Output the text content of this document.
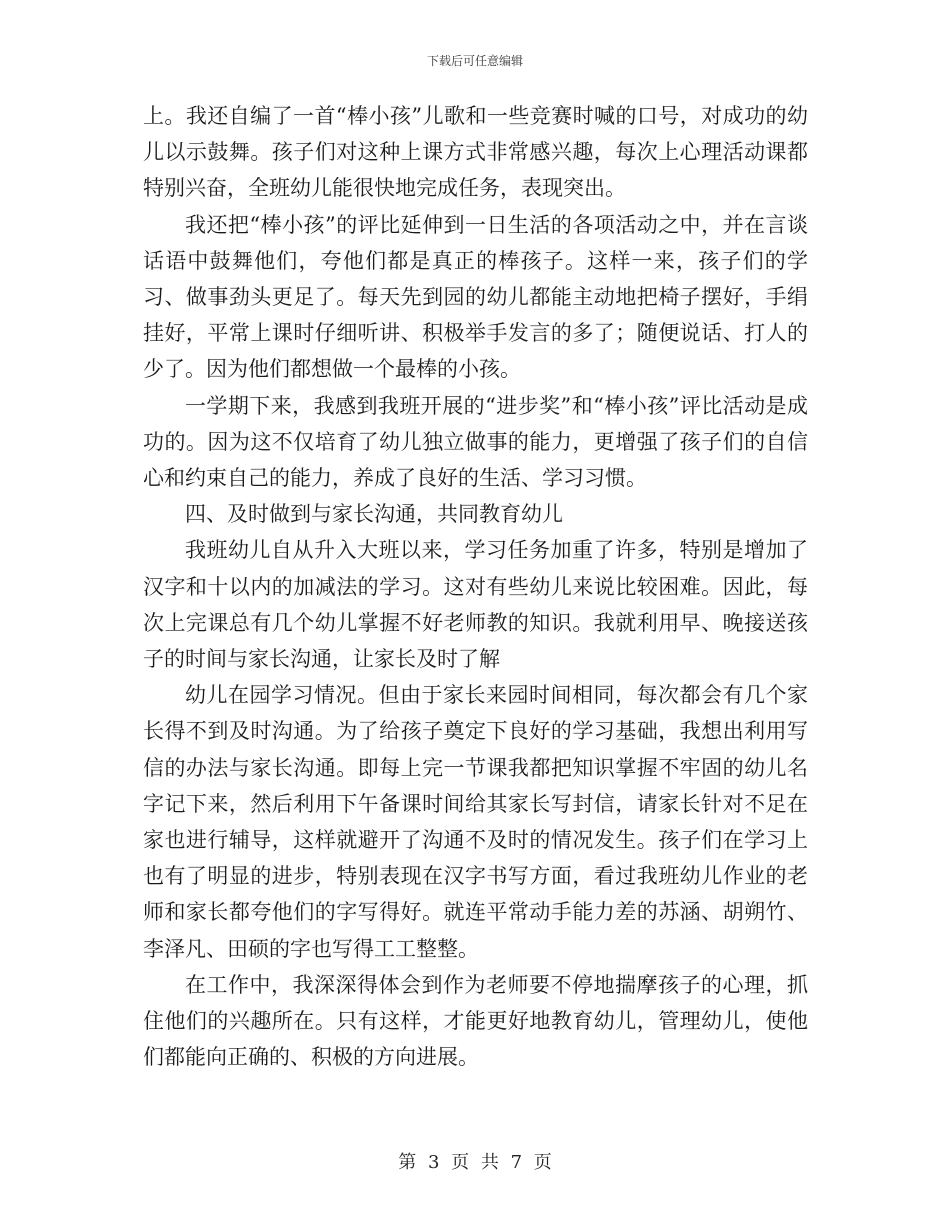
下载后可任意编辑

上。我还自编了一首“棒小孩”儿歌和一些竞赛时喊的口号，对成功的幼儿以示鼓舞。孩子们对这种上课方式非常感兴趣，每次上心理活动课都特别兴奋，全班幼儿能很快地完成任务，表现突出。

我还把“棒小孩”的评比延伸到一日生活的各项活动之中，并在言谈话语中鼓舞他们，夸他们都是真正的棒孩子。这样一来，孩子们的学习、做事劲头更足了。每天先到园的幼儿都能主动地把椅子摆好，手绢挂好，平常上课时仔细听讲、积极举手发言的多了；随便说话、打人的少了。因为他们都想做一个最棒的小孩。

一学期下来，我感到我班开展的“进步奖”和“棒小孩”评比活动是成功的。因为这不仅培育了幼儿独立做事的能力，更增强了孩子们的自信心和约束自己的能力，养成了良好的生活、学习习惯。

四、及时做到与家长沟通，共同教育幼儿

我班幼儿自从升入大班以来，学习任务加重了许多，特别是增加了汉字和十以内的加减法的学习。这对有些幼儿来说比较困难。因此，每次上完课总有几个幼儿掌握不好老师教的知识。我就利用早、晚接送孩子的时间与家长沟通，让家长及时了解

幼儿在园学习情况。但由于家长来园时间相同，每次都会有几个家长得不到及时沟通。为了给孩子奠定下良好的学习基础，我想出利用写信的办法与家长沟通。即每上完一节课我都把知识掌握不牢固的幼儿名字记下来，然后利用下午备课时间给其家长写封信，请家长针对不足在家也进行辅导，这样就避开了沟通不及时的情况发生。孩子们在学习上也有了明显的进步，特别表现在汉字书写方面，看过我班幼儿作业的老师和家长都夸他们的字写得好。就连平常动手能力差的苏涵、胡朔竹、李泽凡、田硕的字也写得工工整整。

在工作中，我深深得体会到作为老师要不停地揣摩孩子的心理，抓住他们的兴趣所在。只有这样，才能更好地教育幼儿，管理幼儿，使他们都能向正确的、积极的方向进展。

第 3 页 共 7 页
